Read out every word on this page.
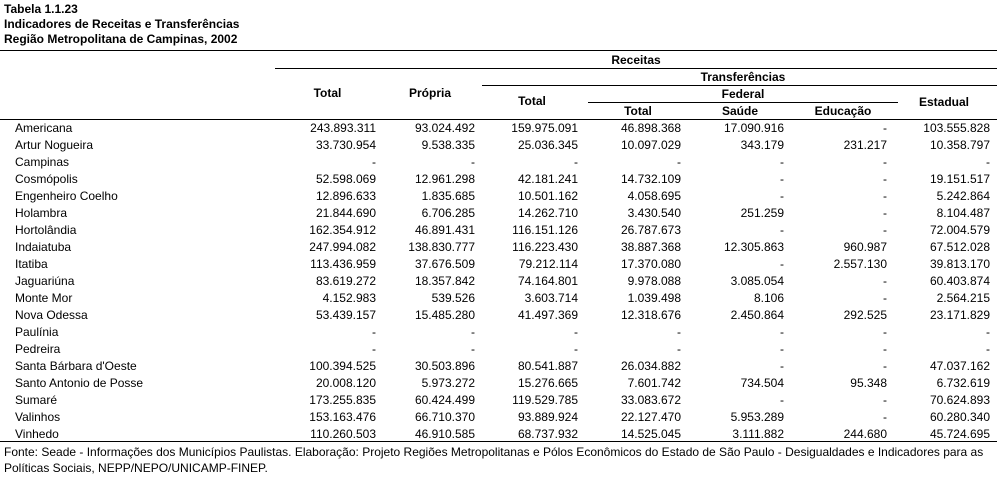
Tabela 1.1.23
Indicadores de Receitas e Transferências
Região Metropolitana de Campinas, 2002
Receitas
Transferências
Federal
Total	Própria
Total
Total	Saúde	Educação
Estadual
Americana	243.893.311	93.024.492	159.975.091	46.898.368	17.090.916	-	103.555.828
Artur Nogueira	33.730.954	9.538.335	25.036.345	10.097.029	343.179	231.217	10.358.797
Campinas	-	-	-	-	-	-	-
Cosmópolis	52.598.069	12.961.298	42.181.241	14.732.109	-	-	19.151.517
Engenheiro Coelho	12.896.633	1.835.685	10.501.162	4.058.695	-	-	5.242.864
Holambra	21.844.690	6.706.285	14.262.710	3.430.540	251.259	-	8.104.487
Hortolândia	162.354.912	46.891.431	116.151.126	26.787.673	-	-	72.004.579
Indaiatuba	247.994.082	138.830.777	116.223.430	38.887.368	12.305.863	960.987	67.512.028
Itatiba	113.436.959	37.676.509	79.212.114	17.370.080	-	2.557.130	39.813.170
Jaguariúna	83.619.272	18.357.842	74.164.801	9.978.088	3.085.054	-	60.403.874
Monte Mor	4.152.983	539.526	3.603.714	1.039.498	8.106	-	2.564.215
Nova Odessa	53.439.157	15.485.280	41.497.369	12.318.676	2.450.864	292.525	23.171.829
Paulínia	-	-	-	-	-	-	-
Pedreira	-	-	-	-	-	-	-
Santa Bárbara d'Oeste	100.394.525	30.503.896	80.541.887	26.034.882	-	-	47.037.162
Santo Antonio de Posse	20.008.120	5.973.272	15.276.665	7.601.742	734.504	95.348	6.732.619
Sumaré	173.255.835	60.424.499	119.529.785	33.083.672	-	-	70.624.893
Valinhos	153.163.476	66.710.370	93.889.924	22.127.470	5.953.289	-	60.280.340
Vinhedo	110.260.503	46.910.585	68.737.932	14.525.045	3.111.882	244.680	45.724.695
Fonte: Seade - Informações dos Municípios Paulistas. Elaboração: Projeto Regiões Metropolitanas e Pólos Econômicos do Estado de São Paulo - Desigualdades e Indicadores para as Políticas Sociais, NEPP/NEPO/UNICAMP-FINEP.
